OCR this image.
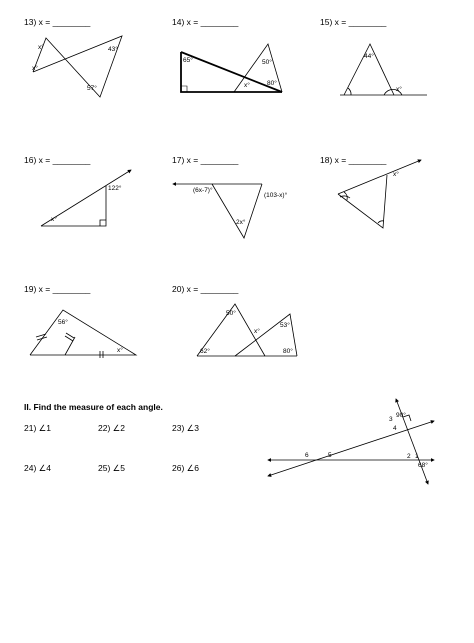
13) x = ________	14) x = ________	15) x = ________
16) x = ________	17) x = ________	18) x = ________
19) x = ________	20) x = ________
II. Find the measure of each angle.
21) ∠1	22) ∠2	23) ∠3
24) ∠4	25) ∠5	26) ∠6
x°
x°
43°
57°
65°	50°
x°	80°
44°
x°
122°
x°
(6x-7)°
(103-x)°
2x°
x°
56°
x°
50°
x°
53°
62°	80°
90°
3
4
6	5	2 1
68°
